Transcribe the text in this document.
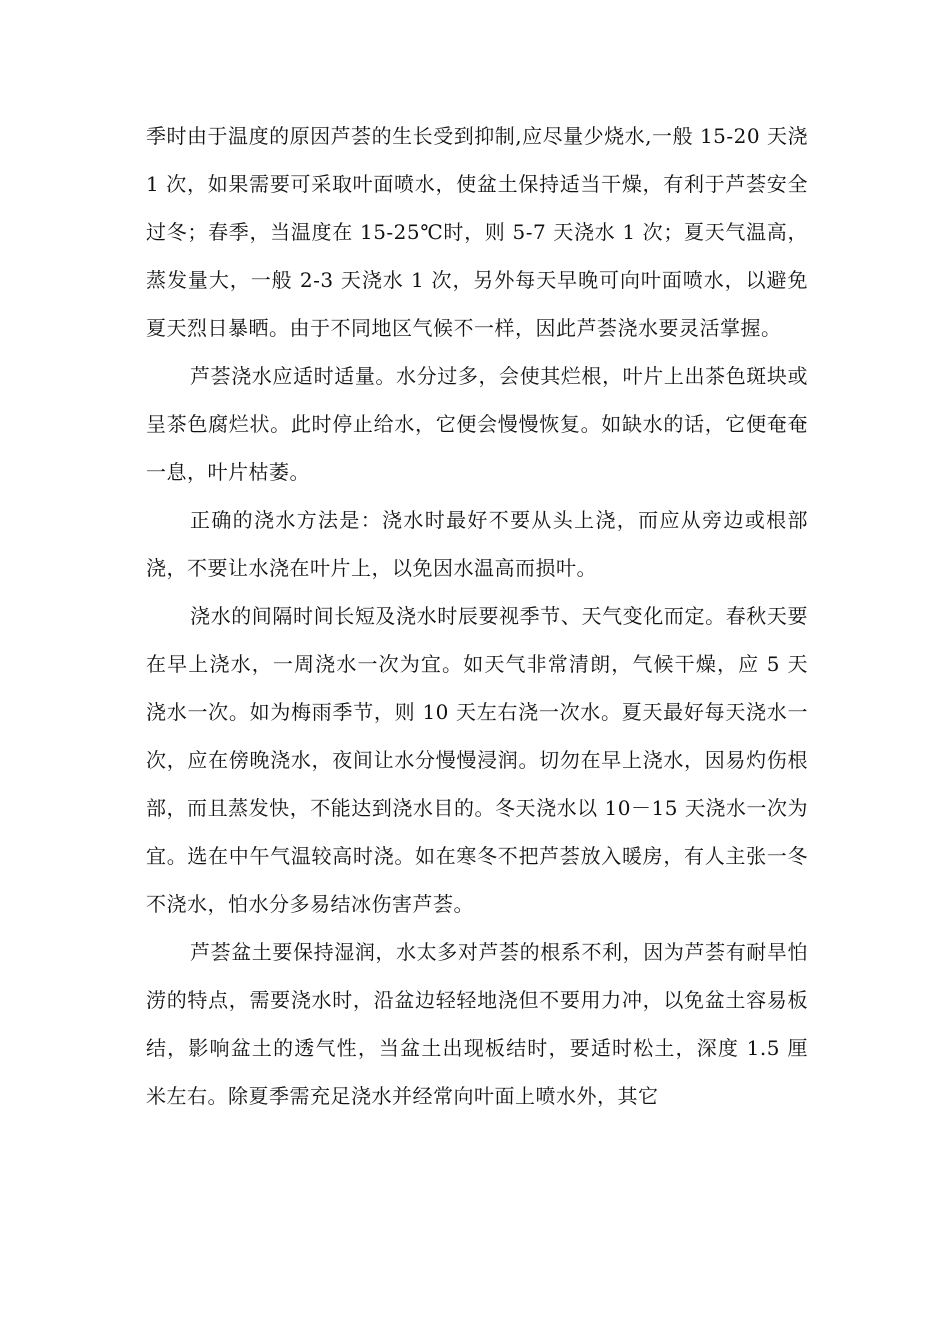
季时由于温度的原因芦荟的生长受到抑制,应尽量少烧水,一般 15-20 天浇 1 次，如果需要可采取叶面喷水，使盆土保持适当干燥，有利于芦荟安全过冬；春季，当温度在 15-25℃时，则 5-7 天浇水 1 次；夏天气温高，蒸发量大，一般 2-3 天浇水 1 次，另外每天早晚可向叶面喷水，以避免夏天烈日暴晒。由于不同地区气候不一样，因此芦荟浇水要灵活掌握。

芦荟浇水应适时适量。水分过多，会使其烂根，叶片上出茶色斑块或呈茶色腐烂状。此时停止给水，它便会慢慢恢复。如缺水的话，它便奄奄一息，叶片枯萎。

正确的浇水方法是：浇水时最好不要从头上浇，而应从旁边或根部浇，不要让水浇在叶片上，以免因水温高而损叶。

浇水的间隔时间长短及浇水时辰要视季节、天气变化而定。春秋天要在早上浇水，一周浇水一次为宜。如天气非常清朗，气候干燥，应 5 天浇水一次。如为梅雨季节，则 10 天左右浇一次水。夏天最好每天浇水一次，应在傍晚浇水，夜间让水分慢慢浸润。切勿在早上浇水，因易灼伤根部，而且蒸发快，不能达到浇水目的。冬天浇水以 10－15 天浇水一次为宜。选在中午气温较高时浇。如在寒冬不把芦荟放入暖房，有人主张一冬不浇水，怕水分多易结冰伤害芦荟。

芦荟盆土要保持湿润，水太多对芦荟的根系不利，因为芦荟有耐旱怕涝的特点，需要浇水时，沿盆边轻轻地浇但不要用力冲，以免盆土容易板结，影响盆土的透气性，当盆土出现板结时，要适时松土，深度 1.5 厘米左右。除夏季需充足浇水并经常向叶面上喷水外，其它
